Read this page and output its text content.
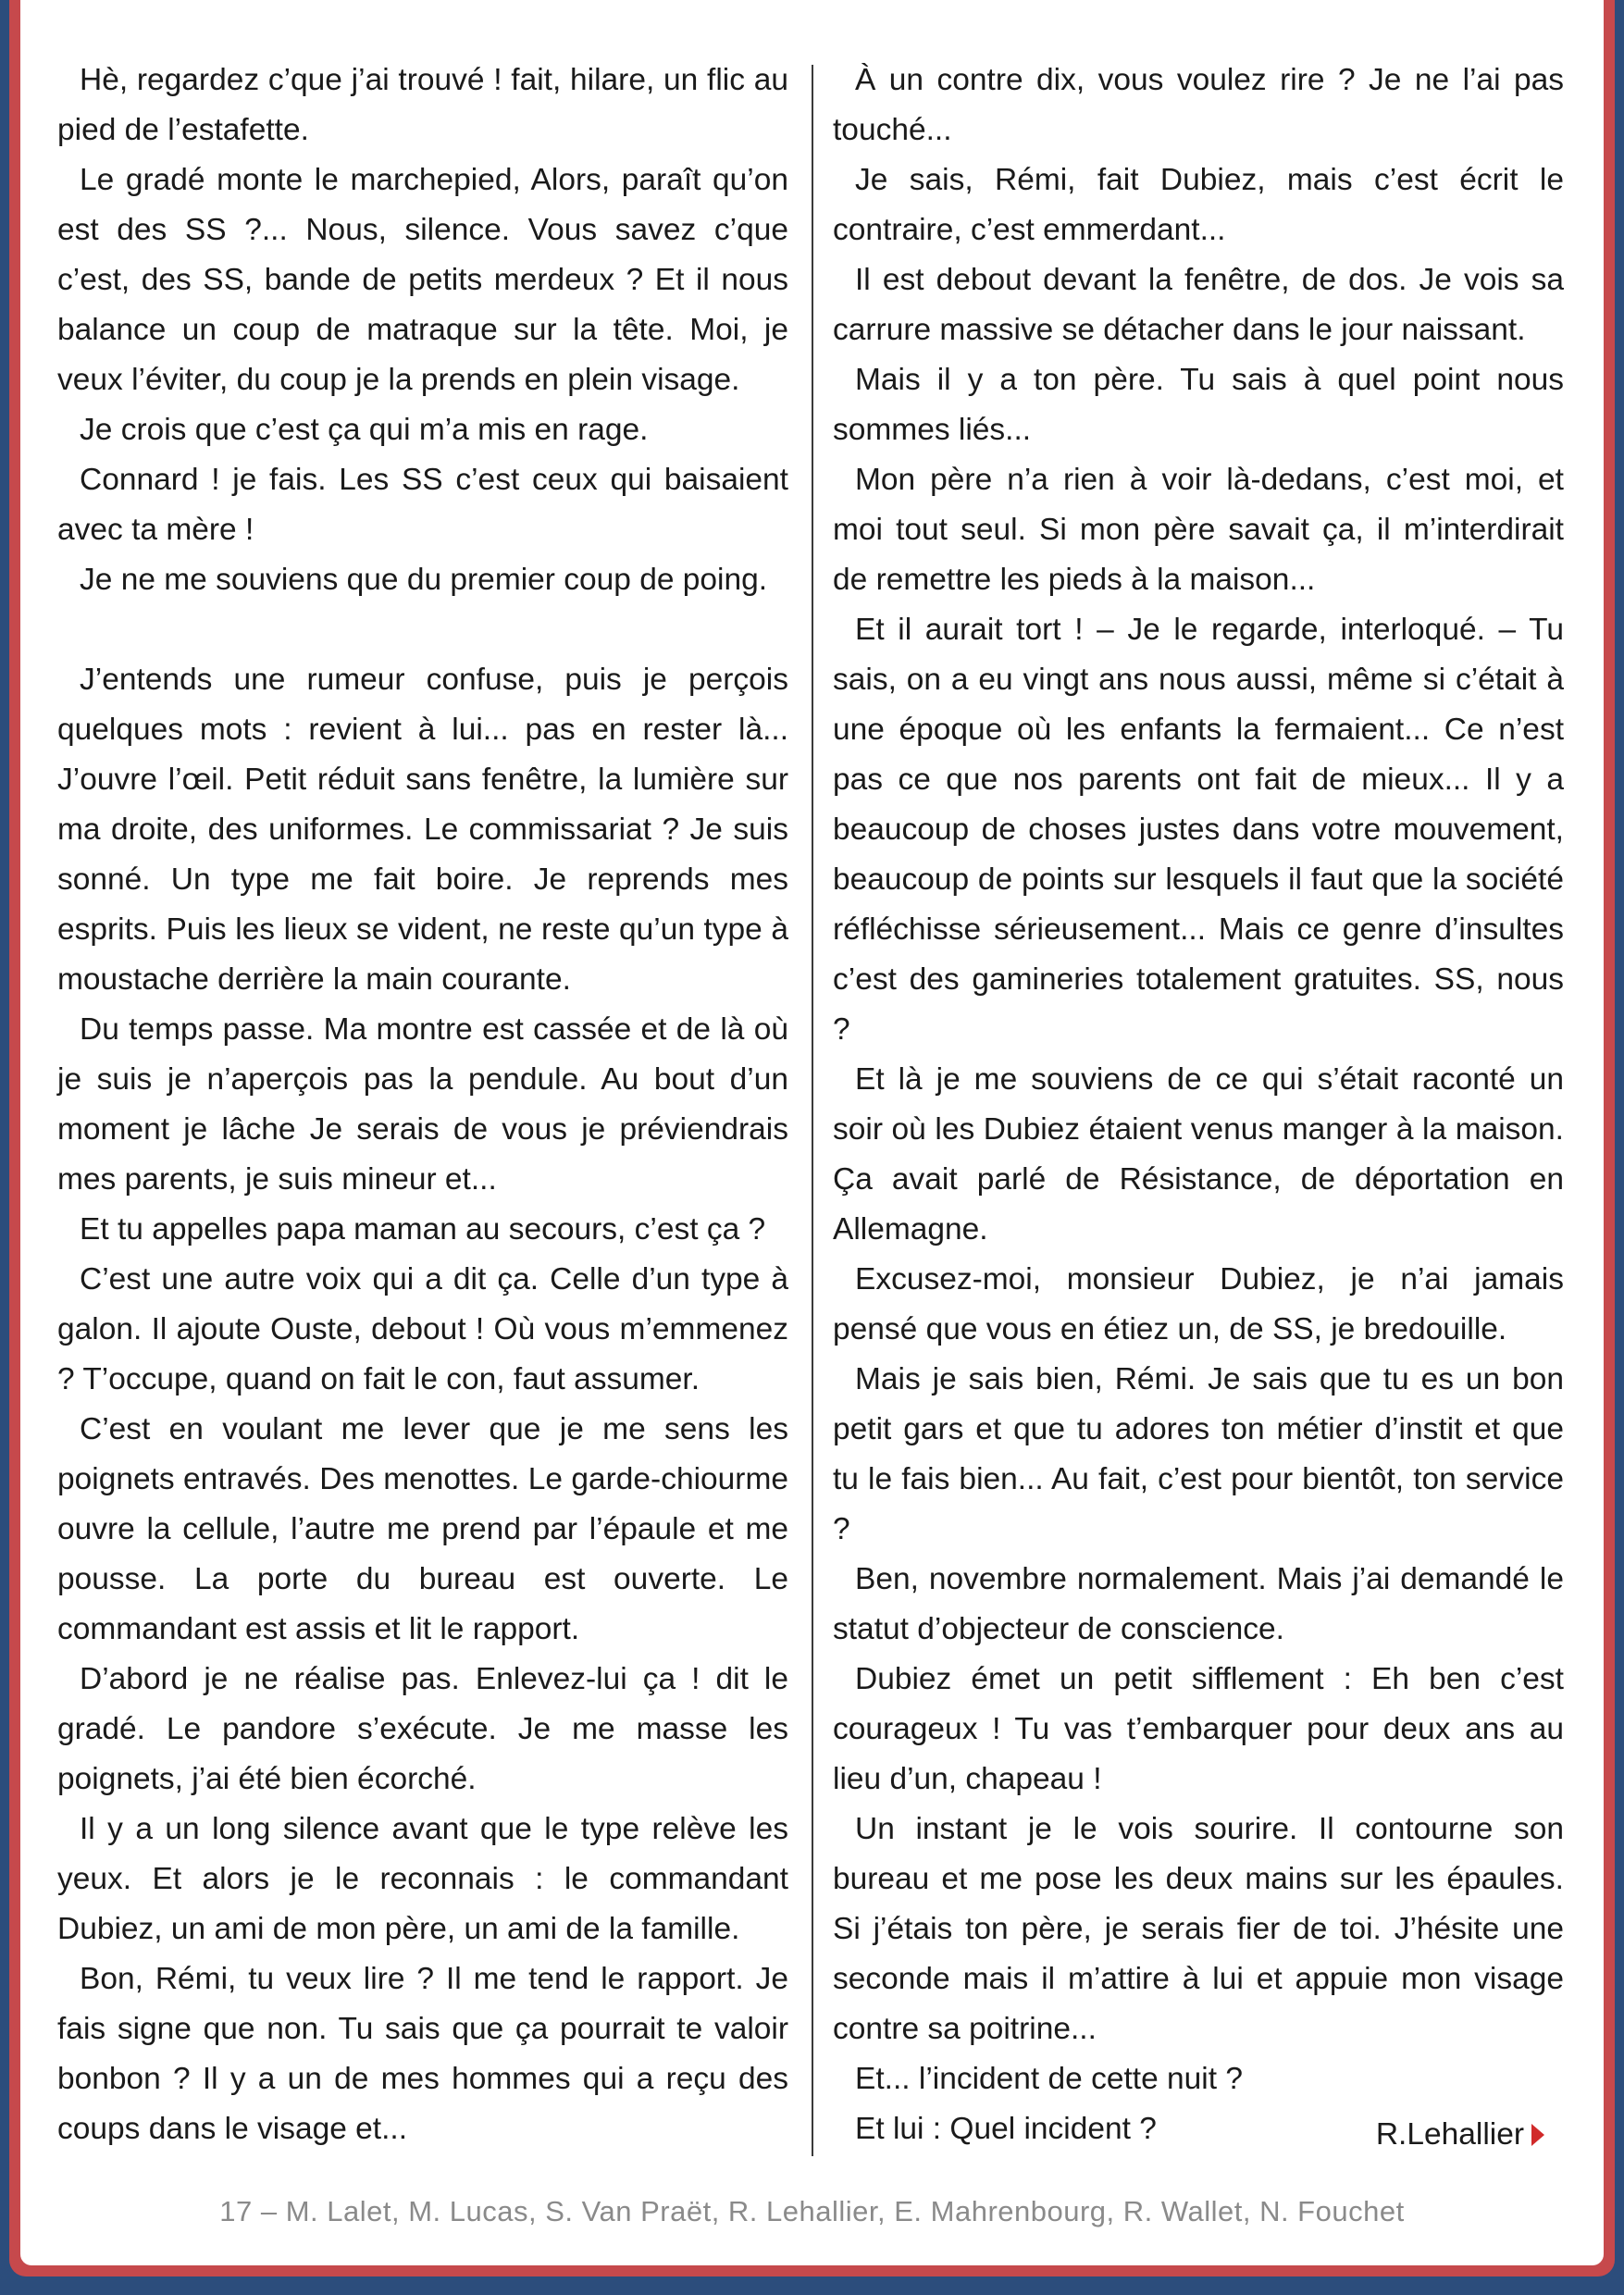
Hè, regardez c’que j’ai trouvé ! fait, hilare, un flic au pied de l’estafette.

Le gradé monte le marchepied, Alors, paraît qu’on est des SS ?... Nous, silence. Vous savez c’que c’est, des SS, bande de petits merdeux ? Et il nous balance un coup de matraque sur la tête. Moi, je veux l’éviter, du coup je la prends en plein visage.

Je crois que c’est ça qui m’a mis en rage.

Connard ! je fais. Les SS c’est ceux qui baisaient avec ta mère !

Je ne me souviens que du premier coup de poing.

J’entends une rumeur confuse, puis je perçois quelques mots : revient à lui... pas en rester là... J’ouvre l’œil. Petit réduit sans fenêtre, la lumière sur ma droite, des uniformes. Le commissariat ? Je suis sonné. Un type me fait boire. Je reprends mes esprits. Puis les lieux se vident, ne reste qu’un type à moustache derrière la main courante.

Du temps passe. Ma montre est cassée et de là où je suis je n’aperçois pas la pendule. Au bout d’un moment je lâche Je serais de vous je préviendrais mes parents, je suis mineur et...

Et tu appelles papa maman au secours, c’est ça ?

C’est une autre voix qui a dit ça. Celle d’un type à galon. Il ajoute Ouste, debout ! Où vous m’emmenez ? T’occupe, quand on fait le con, faut assumer.

C’est en voulant me lever que je me sens les poignets entravés. Des menottes. Le garde-chiourme ouvre la cellule, l’autre me prend par l’épaule et me pousse. La porte du bureau est ouverte. Le commandant est assis et lit le rapport.

D’abord je ne réalise pas. Enlevez-lui ça ! dit le gradé. Le pandore s’exécute. Je me masse les poignets, j’ai été bien écorché.

Il y a un long silence avant que le type relève les yeux. Et alors je le reconnais : le commandant Dubiez, un ami de mon père, un ami de la famille.

Bon, Rémi, tu veux lire ? Il me tend le rapport. Je fais signe que non. Tu sais que ça pourrait te valoir bonbon ? Il y a un de mes hommes qui a reçu des coups dans le visage et...

À un contre dix, vous voulez rire ? Je ne l’ai pas touché...

Je sais, Rémi, fait Dubiez, mais c’est écrit le contraire, c’est emmerdant...

Il est debout devant la fenêtre, de dos. Je vois sa carrure massive se détacher dans le jour naissant.

Mais il y a ton père. Tu sais à quel point nous sommes liés...

Mon père n’a rien à voir là-dedans, c’est moi, et moi tout seul. Si mon père savait ça, il m’interdirait de remettre les pieds à la maison...

Et il aurait tort ! – Je le regarde, interloqué. – Tu sais, on a eu vingt ans nous aussi, même si c’était à une époque où les enfants la fermaient... Ce n’est pas ce que nos parents ont fait de mieux... Il y a beaucoup de choses justes dans votre mouvement, beaucoup de points sur lesquels il faut que la société réfléchisse sérieusement... Mais ce genre d’insultes c’est des gamineries totalement gratuites. SS, nous ?

Et là je me souviens de ce qui s’était raconté un soir où les Dubiez étaient venus manger à la maison. Ça avait parlé de Résistance, de déportation en Allemagne.

Excusez-moi, monsieur Dubiez, je n’ai jamais pensé que vous en étiez un, de SS, je bredouille.

Mais je sais bien, Rémi. Je sais que tu es un bon petit gars et que tu adores ton métier d’instit et que tu le fais bien... Au fait, c’est pour bientôt, ton service ?

Ben, novembre normalement. Mais j’ai demandé le statut d’objecteur de conscience.

Dubiez émet un petit sifflement : Eh ben c’est courageux ! Tu vas t’embarquer pour deux ans au lieu d’un, chapeau !

Un instant je le vois sourire. Il contourne son bureau et me pose les deux mains sur les épaules. Si j’étais ton père, je serais fier de toi. J’hésite une seconde mais il m’attire à lui et appuie mon visage contre sa poitrine...

Et... l’incident de cette nuit ?

Et lui : Quel incident ?	R.Lehallier
17 – M. Lalet, M. Lucas, S. Van Praët, R. Lehallier, E. Mahrenbourg, R. Wallet, N. Fouchet
